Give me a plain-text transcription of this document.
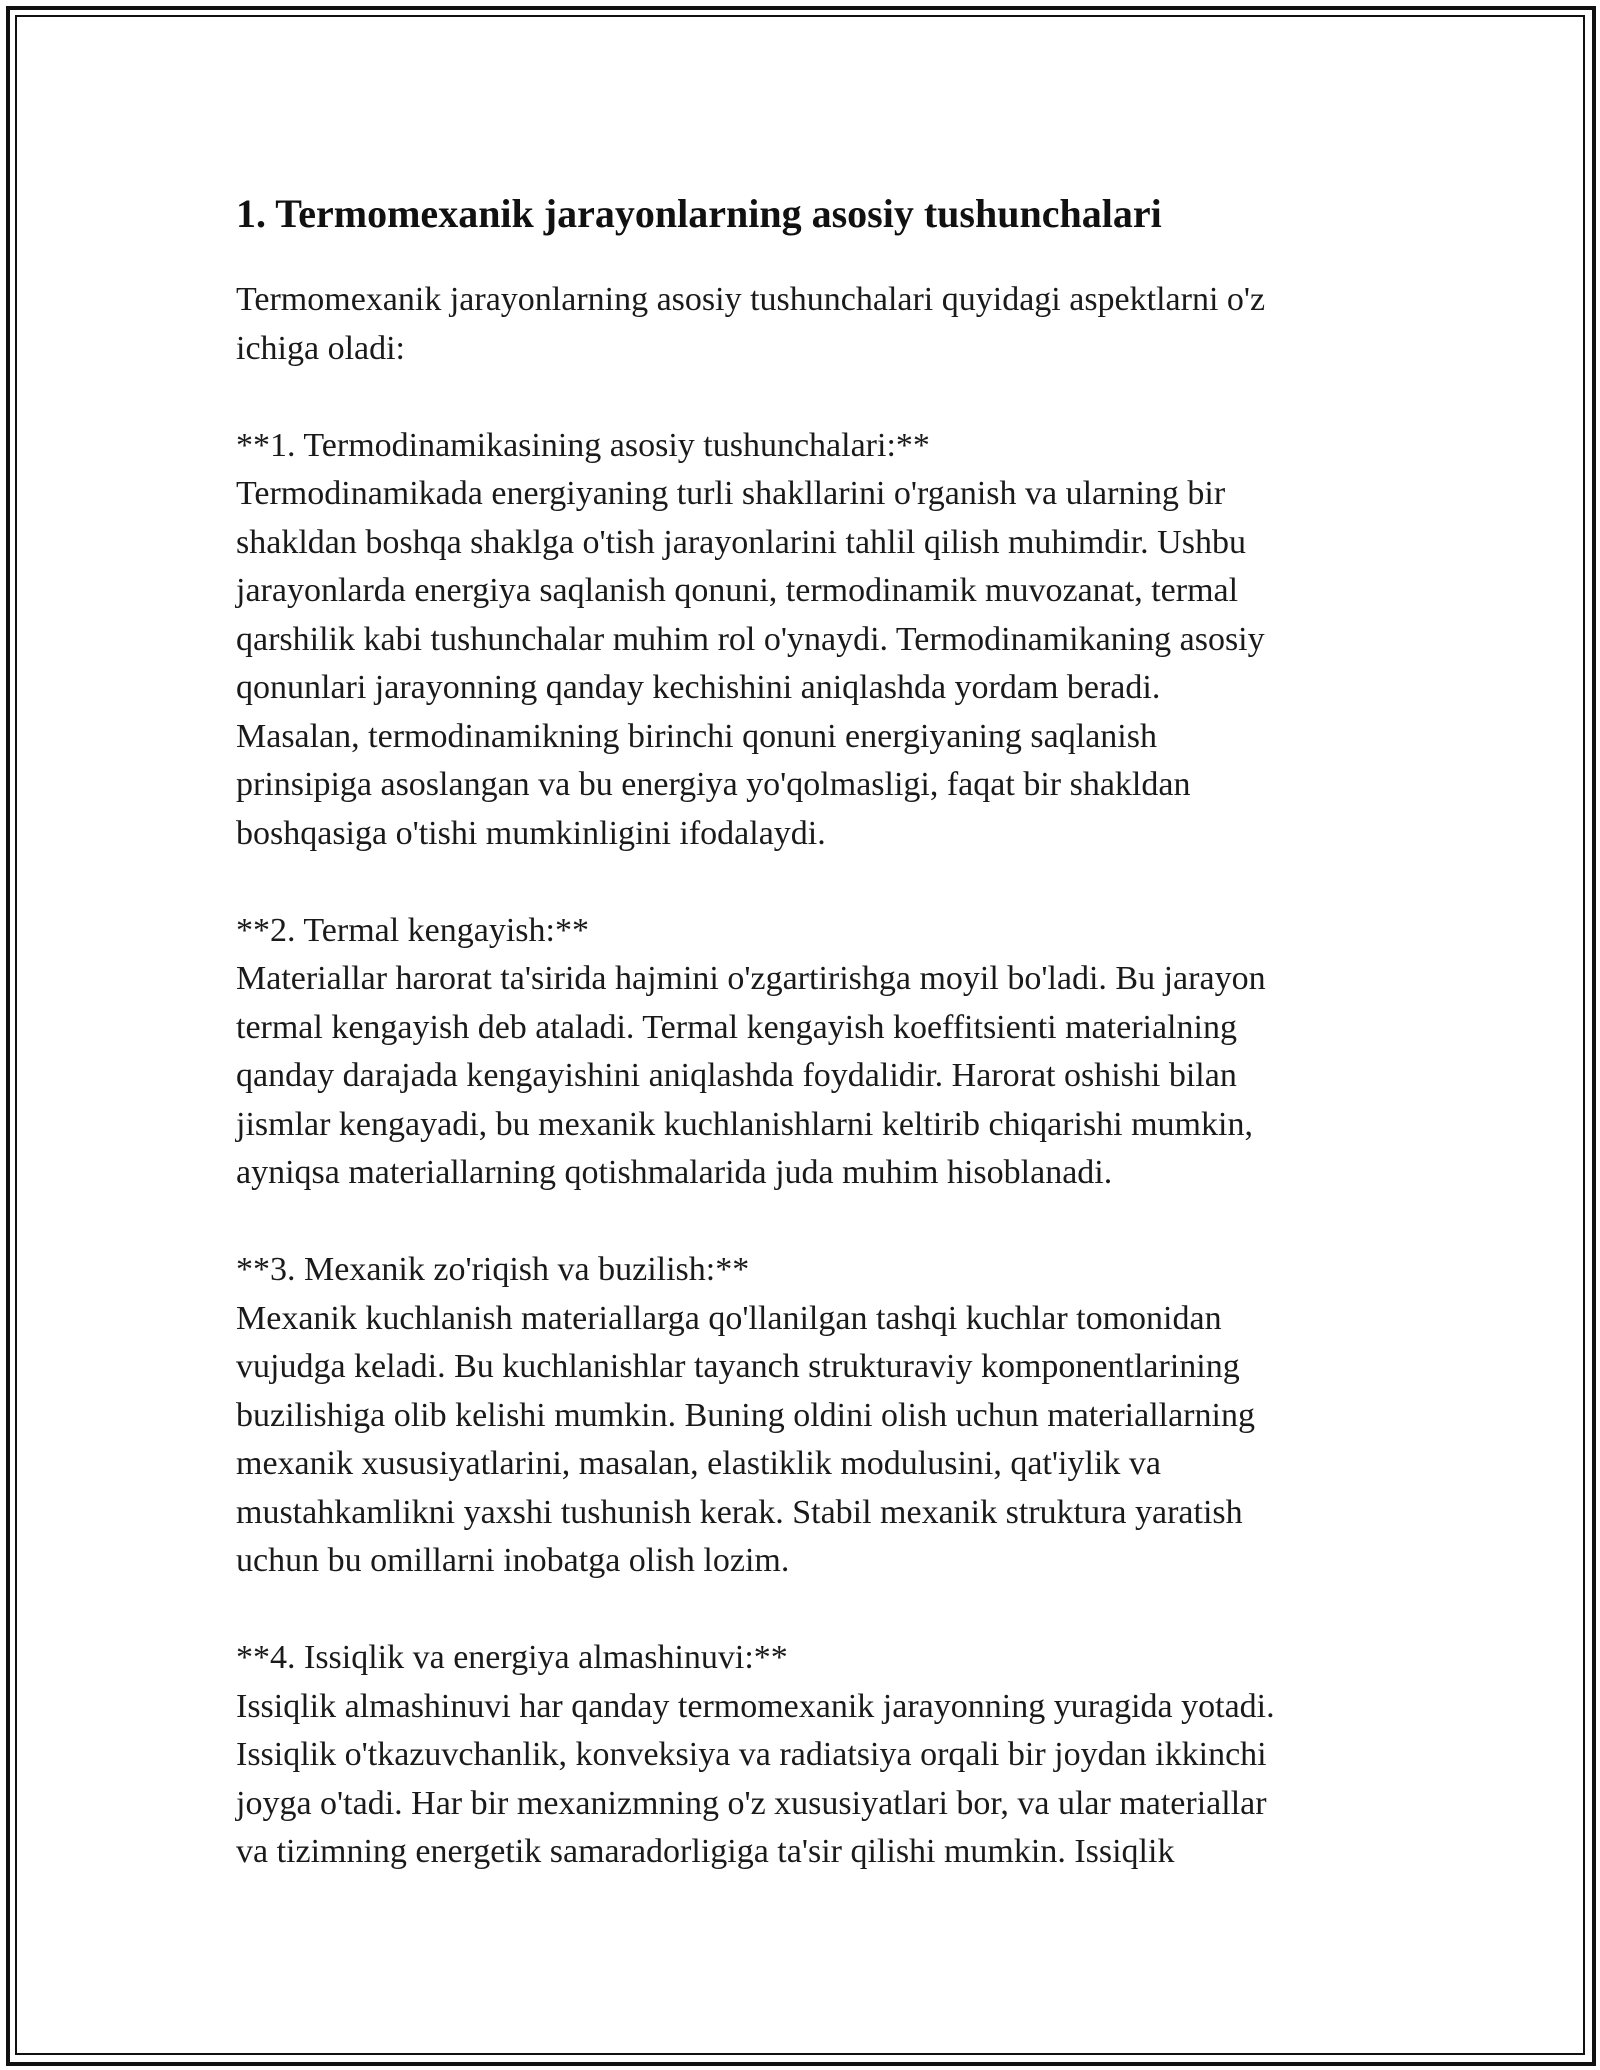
1. Termomexanik jarayonlarning asosiy tushunchalari

Termomexanik jarayonlarning asosiy tushunchalari quyidagi aspektlarni o'z
ichiga oladi:

**1. Termodinamikasining asosiy tushunchalari:**

Termodinamikada energiyaning turli shakllarini o'rganish va ularning bir
shakldan boshqa shaklga o'tish jarayonlarini tahlil qilish muhimdir. Ushbu
jarayonlarda energiya saqlanish qonuni, termodinamik muvozanat, termal
qarshilik kabi tushunchalar muhim rol o'ynaydi. Termodinamikaning asosiy
qonunlari jarayonning qanday kechishini aniqlashda yordam beradi.
Masalan, termodinamikning birinchi qonuni energiyaning saqlanish
prinsipiga asoslangan va bu energiya yo'qolmasligi, faqat bir shakldan
boshqasiga o'tishi mumkinligini ifodalaydi.

**2. Termal kengayish:**

Materiallar harorat ta'sirida hajmini o'zgartirishga moyil bo'ladi. Bu jarayon
termal kengayish deb ataladi. Termal kengayish koeffitsienti materialning
qanday darajada kengayishini aniqlashda foydalidir. Harorat oshishi bilan
jismlar kengayadi, bu mexanik kuchlanishlarni keltirib chiqarishi mumkin,
ayniqsa materiallarning qotishmalarida juda muhim hisoblanadi.

**3. Mexanik zo'riqish va buzilish:**

Mexanik kuchlanish materiallarga qo'llanilgan tashqi kuchlar tomonidan
vujudga keladi. Bu kuchlanishlar tayanch strukturaviy komponentlarining
buzilishiga olib kelishi mumkin. Buning oldini olish uchun materiallarning
mexanik xususiyatlarini, masalan, elastiklik modulusini, qat'iylik va
mustahkamlikni yaxshi tushunish kerak. Stabil mexanik struktura yaratish
uchun bu omillarni inobatga olish lozim.

**4. Issiqlik va energiya almashinuvi:**

Issiqlik almashinuvi har qanday termomexanik jarayonning yuragida yotadi.
Issiqlik o'tkazuvchanlik, konveksiya va radiatsiya orqali bir joydan ikkinchi
joyga o'tadi. Har bir mexanizmning o'z xususiyatlari bor, va ular materiallar
va tizimning energetik samaradorligiga ta'sir qilishi mumkin. Issiqlik
